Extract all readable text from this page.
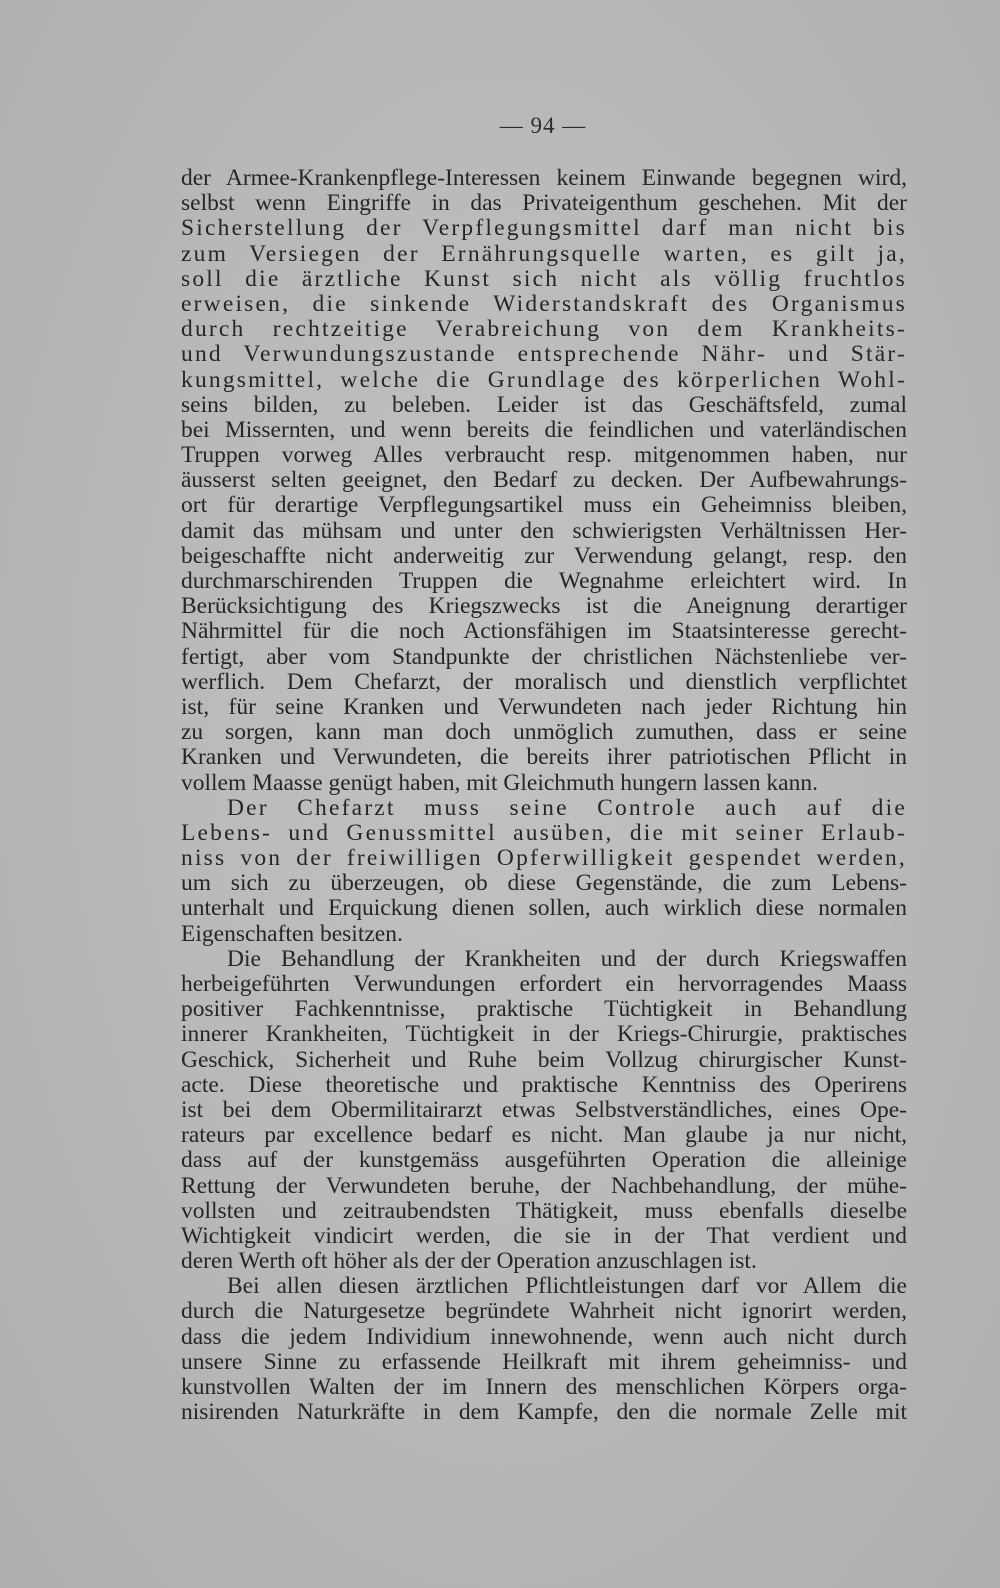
— 94 —
der Armee-Krankenpflege-Interessen keinem Einwande begegnen wird,
selbst wenn Eingriffe in das Privateigenthum geschehen. Mit der
Sicherstellung der Verpflegungsmittel darf man nicht bis
zum Versiegen der Ernährungsquelle warten, es gilt ja,
soll die ärztliche Kunst sich nicht als völlig fruchtlos
erweisen, die sinkende Widerstandskraft des Organismus
durch rechtzeitige Verabreichung von dem Krankheits-
und Verwundungszustande entsprechende Nähr- und Stär-
kungsmittel, welche die Grundlage des körperlichen Wohl-
seins bilden, zu beleben. Leider ist das Geschäftsfeld, zumal
bei Missernten, und wenn bereits die feindlichen und vaterländischen
Truppen vorweg Alles verbraucht resp. mitgenommen haben, nur
äusserst selten geeignet, den Bedarf zu decken. Der Aufbewahrungs-
ort für derartige Verpflegungsartikel muss ein Geheimniss bleiben,
damit das mühsam und unter den schwierigsten Verhältnissen Her-
beigeschaffte nicht anderweitig zur Verwendung gelangt, resp. den
durchmarschirenden Truppen die Wegnahme erleichtert wird. In
Berücksichtigung des Kriegszwecks ist die Aneignung derartiger
Nährmittel für die noch Actionsfähigen im Staatsinteresse gerecht-
fertigt, aber vom Standpunkte der christlichen Nächstenliebe ver-
werflich. Dem Chefarzt, der moralisch und dienstlich verpflichtet
ist, für seine Kranken und Verwundeten nach jeder Richtung hin
zu sorgen, kann man doch unmöglich zumuthen, dass er seine
Kranken und Verwundeten, die bereits ihrer patriotischen Pflicht in
vollem Maasse genügt haben, mit Gleichmuth hungern lassen kann.
Der Chefarzt muss seine Controle auch auf die
Lebens- und Genussmittel ausüben, die mit seiner Erlaub-
niss von der freiwilligen Opferwilligkeit gespendet werden,
um sich zu überzeugen, ob diese Gegenstände, die zum Lebens-
unterhalt und Erquickung dienen sollen, auch wirklich diese normalen
Eigenschaften besitzen.
Die Behandlung der Krankheiten und der durch Kriegswaffen
herbeigeführten Verwundungen erfordert ein hervorragendes Maass
positiver Fachkenntnisse, praktische Tüchtigkeit in Behandlung
innerer Krankheiten, Tüchtigkeit in der Kriegs-Chirurgie, praktisches
Geschick, Sicherheit und Ruhe beim Vollzug chirurgischer Kunst-
acte. Diese theoretische und praktische Kenntniss des Operirens
ist bei dem Obermilitairarzt etwas Selbstverständliches, eines Ope-
rateurs par excellence bedarf es nicht. Man glaube ja nur nicht,
dass auf der kunstgemäss ausgeführten Operation die alleinige
Rettung der Verwundeten beruhe, der Nachbehandlung, der mühe-
vollsten und zeitraubendsten Thätigkeit, muss ebenfalls dieselbe
Wichtigkeit vindicirt werden, die sie in der That verdient und
deren Werth oft höher als der der Operation anzuschlagen ist.
Bei allen diesen ärztlichen Pflichtleistungen darf vor Allem die
durch die Naturgesetze begründete Wahrheit nicht ignorirt werden,
dass die jedem Individium innewohnende, wenn auch nicht durch
unsere Sinne zu erfassende Heilkraft mit ihrem geheimniss- und
kunstvollen Walten der im Innern des menschlichen Körpers orga-
nisirenden Naturkräfte in dem Kampfe, den die normale Zelle mit
